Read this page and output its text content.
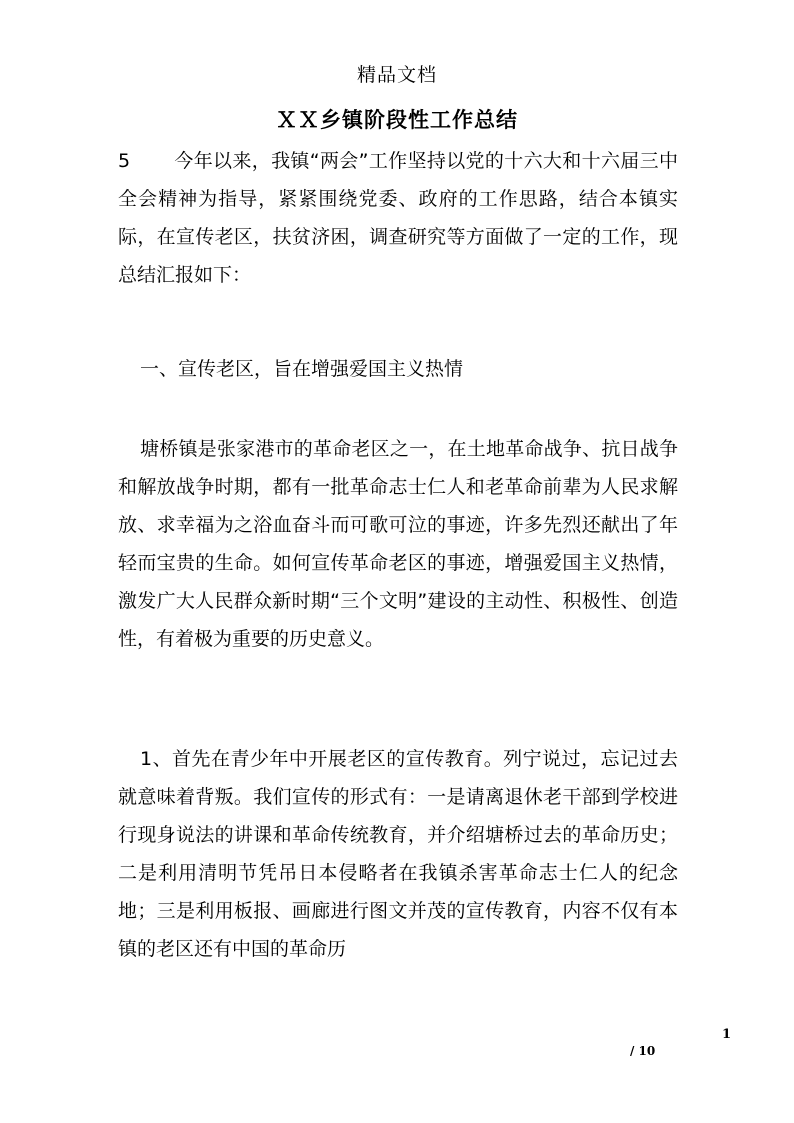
精品文档
ＸＸ乡镇阶段性工作总结
5 今年以来，我镇“两会”工作坚持以党的十六大和十六届三中全会精神为指导，紧紧围绕党委、政府的工作思路，结合本镇实际，在宣传老区，扶贫济困，调查研究等方面做了一定的工作，现总结汇报如下：
一、宣传老区，旨在增强爱国主义热情
塘桥镇是张家港市的革命老区之一，在土地革命战争、抗日战争和解放战争时期，都有一批革命志士仁人和老革命前辈为人民求解放、求幸福为之浴血奋斗而可歌可泣的事迹，许多先烈还献出了年轻而宝贵的生命。如何宣传革命老区的事迹，增强爱国主义热情，激发广大人民群众新时期“三个文明”建设的主动性、积极性、创造性，有着极为重要的历史意义。
1、首先在青少年中开展老区的宣传教育。列宁说过，忘记过去就意味着背叛。我们宣传的形式有：一是请离退休老干部到学校进行现身说法的讲课和革命传统教育，并介绍塘桥过去的革命历史；二是利用清明节凭吊日本侵略者在我镇杀害革命志士仁人的纪念地；三是利用板报、画廊进行图文并茂的宣传教育，内容不仅有本镇的老区还有中国的革命历
1
/ 10
